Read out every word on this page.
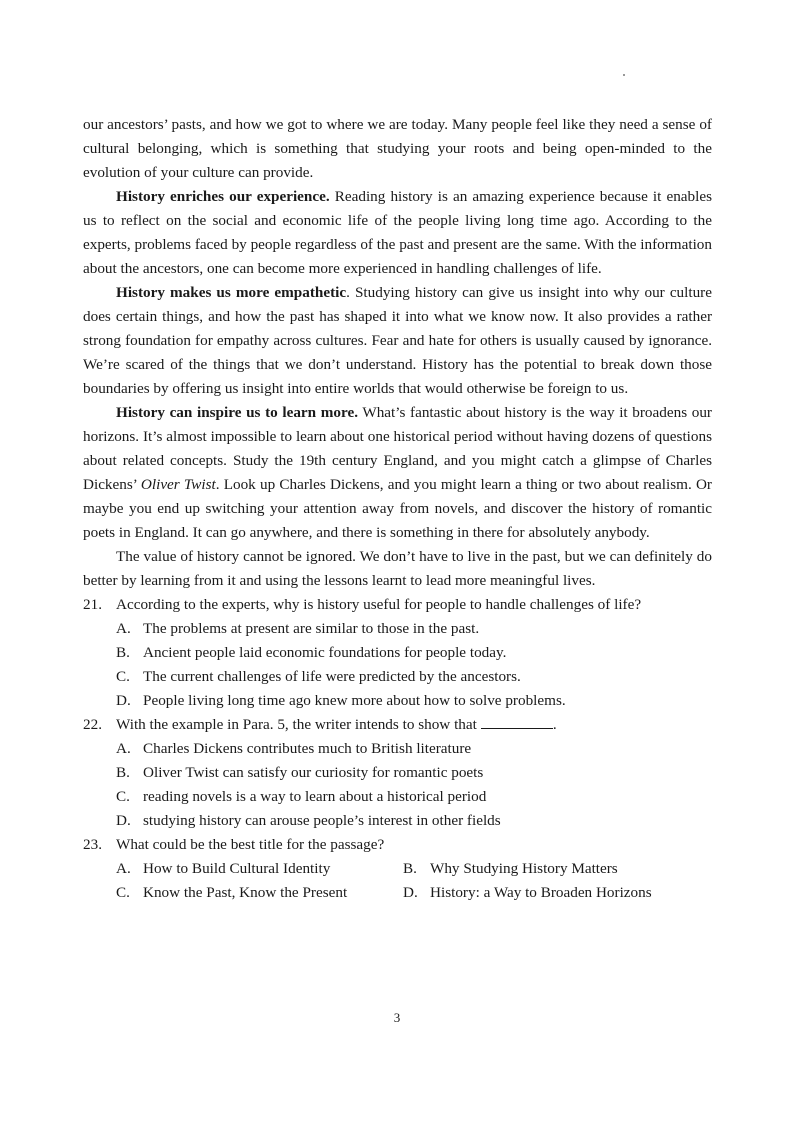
our ancestors’ pasts, and how we got to where we are today. Many people feel like they need a sense of cultural belonging, which is something that studying your roots and being open-minded to the evolution of your culture can provide.

History enriches our experience. Reading history is an amazing experience because it enables us to reflect on the social and economic life of the people living long time ago. According to the experts, problems faced by people regardless of the past and present are the same. With the information about the ancestors, one can become more experienced in handling challenges of life.

History makes us more empathetic. Studying history can give us insight into why our culture does certain things, and how the past has shaped it into what we know now. It also provides a rather strong foundation for empathy across cultures. Fear and hate for others is usually caused by ignorance. We’re scared of the things that we don’t understand. History has the potential to break down those boundaries by offering us insight into entire worlds that would otherwise be foreign to us.

History can inspire us to learn more. What’s fantastic about history is the way it broadens our horizons. It’s almost impossible to learn about one historical period without having dozens of questions about related concepts. Study the 19th century England, and you might catch a glimpse of Charles Dickens’ Oliver Twist. Look up Charles Dickens, and you might learn a thing or two about realism. Or maybe you end up switching your attention away from novels, and discover the history of romantic poets in England. It can go anywhere, and there is something in there for absolutely anybody.

The value of history cannot be ignored. We don’t have to live in the past, but we can definitely do better by learning from it and using the lessons learnt to lead more meaningful lives.

21. According to the experts, why is history useful for people to handle challenges of life?
A. The problems at present are similar to those in the past.
B. Ancient people laid economic foundations for people today.
C. The current challenges of life were predicted by the ancestors.
D. People living long time ago knew more about how to solve problems.
22. With the example in Para. 5, the writer intends to show that	.
A. Charles Dickens contributes much to British literature
B. Oliver Twist can satisfy our curiosity for romantic poets
C. reading novels is a way to learn about a historical period
D. studying history can arouse people’s interest in other fields
23. What could be the best title for the passage?
A. How to Build Cultural Identity	B. Why Studying History Matters
C. Know the Past, Know the Present	D. History: a Way to Broaden Horizons
3
